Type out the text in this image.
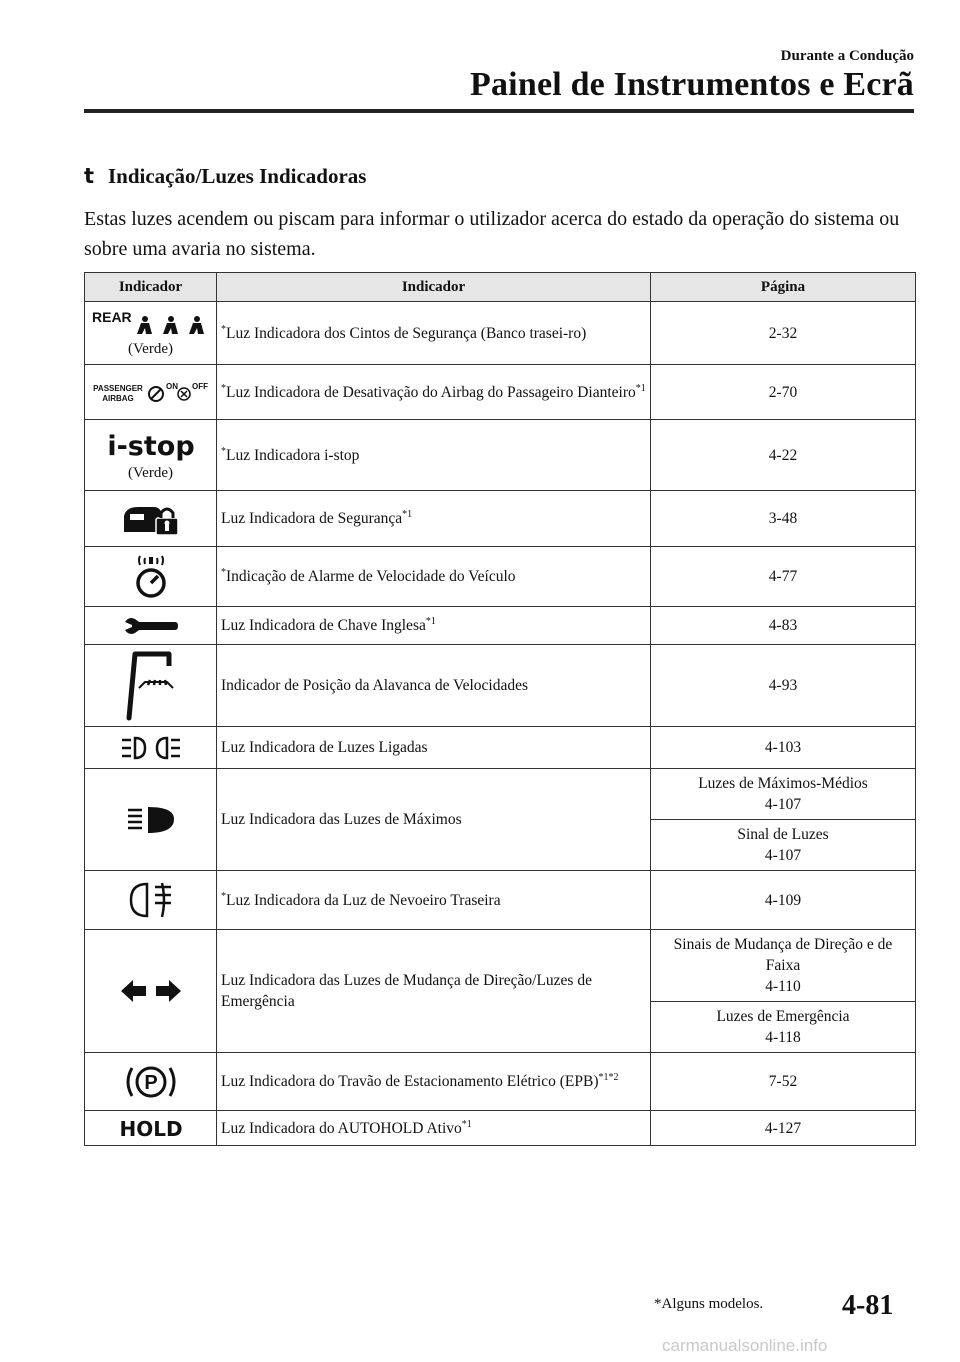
Durante a Condução
Painel de Instrumentos e Ecrã
t Indicação/Luzes Indicadoras
Estas luzes acendem ou piscam para informar o utilizador acerca do estado da operação do sistema ou sobre uma avaria no sistema.
Indicador	Indicador	Página

REAR
(Verde)	*Luz Indicadora dos Cintos de Segurança (Banco trasei-ro)	2-32

PASSENGER
AIRBAG
ON OFF	*Luz Indicadora de Desativação do Airbag do Passageiro Dianteiro$^{*1}$	2-70

i-stop
(Verde)	*Luz Indicadora i-stop	4-22
	Luz Indicadora de Segurança$^{*1}$	3-48
	*Indicação de Alarme de Velocidade do Veículo	4-77
	Luz Indicadora de Chave Inglesa$^{*1}$	4-83
	Indicador de Posição da Alavanca de Velocidades	4-93
	Luz Indicadora de Luzes Ligadas	4-103
	Luz Indicadora das Luzes de Máximos	Luzes de Máximos-Médios
4-107

		Sinal de Luzes
4-107

	*Luz Indicadora da Luz de Nevoeiro Traseira	4-109
	Luz Indicadora das Luzes de Mudança de Direção/Luzes de Emergência	Sinais de Mudança de Direção e de Faixa
4-110

		Luzes de Emergência
4-118

P	Luz Indicadora do Travão de Estacionamento Elétrico (EPB)$^{*1*2}$	7-52

HOLD	Luz Indicadora do AUTOHOLD Ativo$^{*1}$	4-127
*Alguns modelos.	4-81
carmanualsonline.info
